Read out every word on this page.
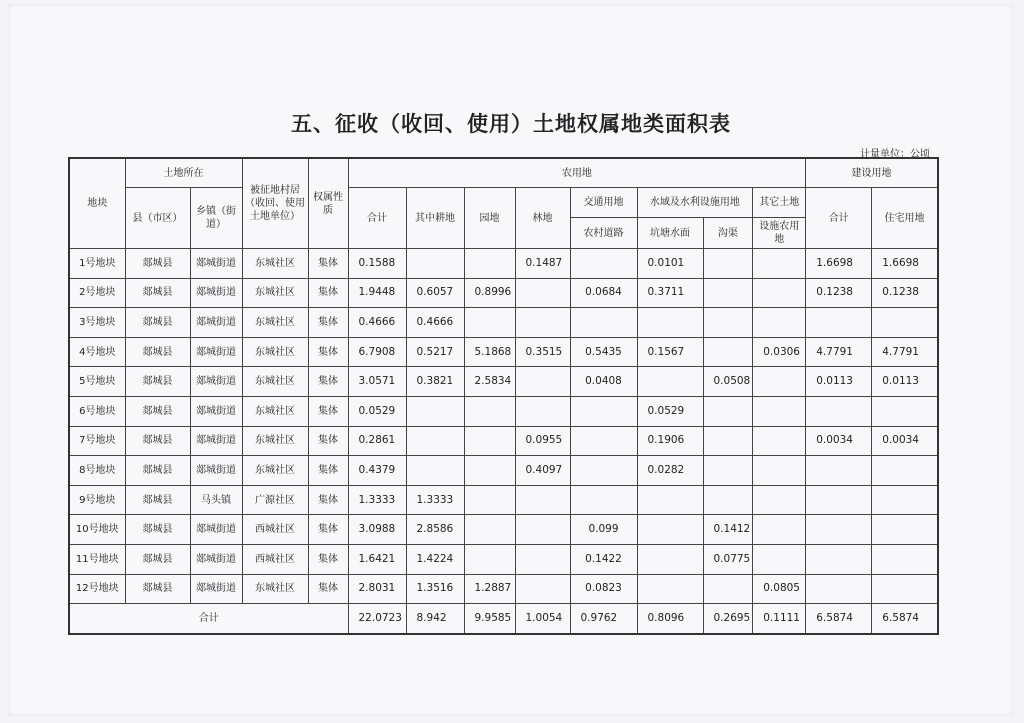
五、征收（收回、使用）土地权属地类面积表
计量单位：公顷
地块	土地所在		被征地村居（收回、使用土地单位）	权属性质	农用地								建设用地	
	县（市区）	乡镇（街道）			合计	其中耕地	园地	林地	交通用地	水域及水利设施用地		其它土地	合计	住宅用地
									农村道路	坑塘水面	沟渠	设施农用地		
1号地块	郯城县	郯城街道	东城社区	集体	0.1588			0.1487		0.0101			1.6698	1.6698
2号地块	郯城县	郯城街道	东城社区	集体	1.9448	0.6057	0.8996		0.0684	0.3711			0.1238	0.1238
3号地块	郯城县	郯城街道	东城社区	集体	0.4666	0.4666								
4号地块	郯城县	郯城街道	东城社区	集体	6.7908	0.5217	5.1868	0.3515	0.5435	0.1567		0.0306	4.7791	4.7791
5号地块	郯城县	郯城街道	东城社区	集体	3.0571	0.3821	2.5834		0.0408		0.0508		0.0113	0.0113
6号地块	郯城县	郯城街道	东城社区	集体	0.0529					0.0529				
7号地块	郯城县	郯城街道	东城社区	集体	0.2861			0.0955		0.1906			0.0034	0.0034
8号地块	郯城县	郯城街道	东城社区	集体	0.4379			0.4097		0.0282				
9号地块	郯城县	马头镇	广源社区	集体	1.3333	1.3333								
10号地块	郯城县	郯城街道	西城社区	集体	3.0988	2.8586			0.099		0.1412			
11号地块	郯城县	郯城街道	西城社区	集体	1.6421	1.4224			0.1422		0.0775			
12号地块	郯城县	郯城街道	东城社区	集体	2.8031	1.3516	1.2887		0.0823			0.0805		
合计					22.0723	8.942	9.9585	1.0054	0.9762	0.8096	0.2695	0.1111	6.5874	6.5874
